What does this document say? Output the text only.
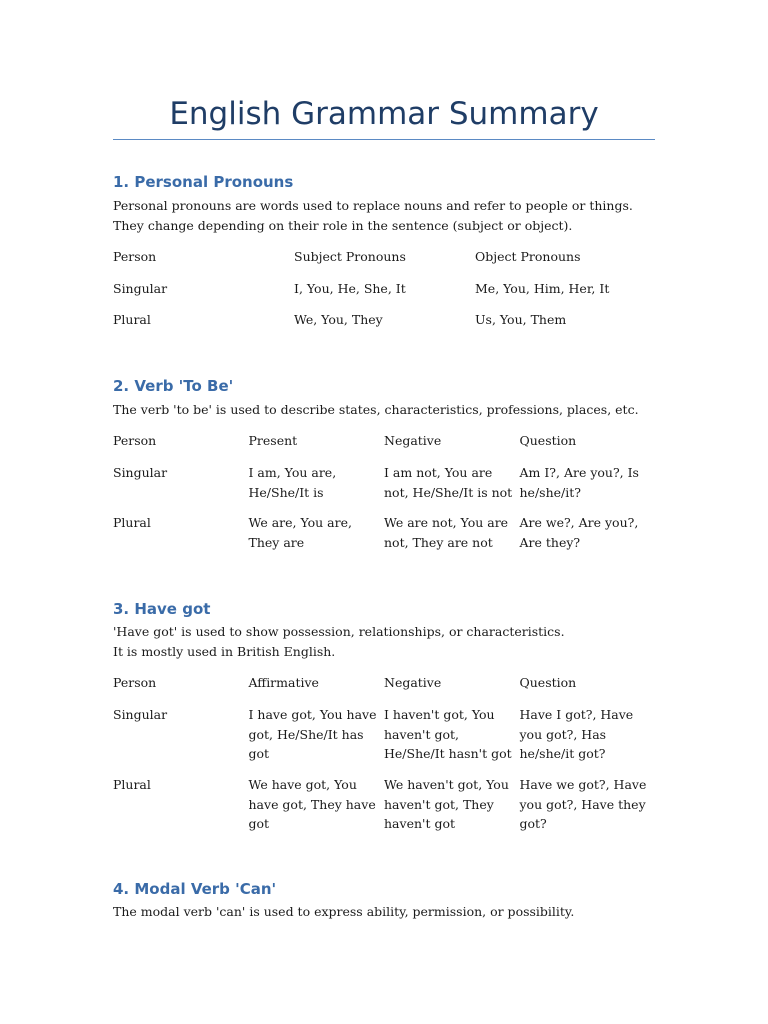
English Grammar Summary
1. Personal Pronouns
Personal pronouns are words used to replace nouns and refer to people or things.
They change depending on their role in the sentence (subject or object).
Person	Subject Pronouns	Object Pronouns
Singular	I, You, He, She, It	Me, You, Him, Her, It
Plural	We, You, They	Us, You, Them
2. Verb 'To Be'
The verb 'to be' is used to describe states, characteristics, professions, places, etc.
Person	Present	Negative	Question
Singular	I am, You are, He/She/It is	I am not, You are not, He/She/It is not	Am I?, Are you?, Is he/she/it?
Plural	We are, You are, They are	We are not, You are not, They are not	Are we?, Are you?, Are they?
3. Have got
'Have got' is used to show possession, relationships, or characteristics.
It is mostly used in British English.
Person	Affirmative	Negative	Question
Singular	I have got, You have got, He/She/It has got	I haven't got, You haven't got, He/She/It hasn't got	Have I got?, Have you got?, Has he/she/it got?
Plural	We have got, You have got, They have got	We haven't got, You haven't got, They haven't got	Have we got?, Have you got?, Have they got?
4. Modal Verb 'Can'
The modal verb 'can' is used to express ability, permission, or possibility.
